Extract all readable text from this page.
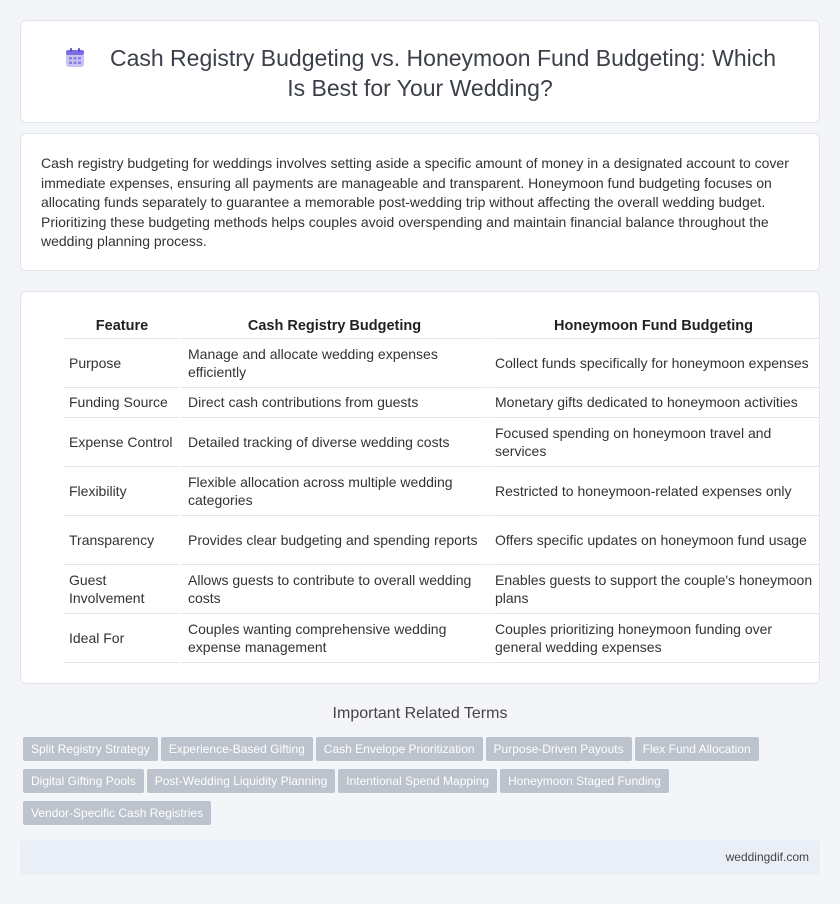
Cash Registry Budgeting vs. Honeymoon Fund Budgeting: Which Is Best for Your Wedding?

Cash registry budgeting for weddings involves setting aside a specific amount of money in a designated account to cover immediate expenses, ensuring all payments are manageable and transparent. Honeymoon fund budgeting focuses on allocating funds separately to guarantee a memorable post-wedding trip without affecting the overall wedding budget. Prioritizing these budgeting methods helps couples avoid overspending and maintain financial balance throughout the wedding planning process.

Feature	Cash Registry Budgeting	Honeymoon Fund Budgeting
Purpose	Manage and allocate wedding expenses efficiently	Collect funds specifically for honeymoon expenses
Funding Source	Direct cash contributions from guests	Monetary gifts dedicated to honeymoon activities
Expense Control	Detailed tracking of diverse wedding costs	Focused spending on honeymoon travel and services
Flexibility	Flexible allocation across multiple wedding categories	Restricted to honeymoon-related expenses only
Transparency	Provides clear budgeting and spending reports	Offers specific updates on honeymoon fund usage
Guest Involvement	Allows guests to contribute to overall wedding costs	Enables guests to support the couple's honeymoon plans
Ideal For	Couples wanting comprehensive wedding expense management	Couples prioritizing honeymoon funding over general wedding expenses
Important Related Terms
Split Registry Strategy Experience-Based Gifting Cash Envelope Prioritization Purpose-Driven Payouts Flex Fund AllocationDigital Gifting Pools Post-Wedding Liquidity Planning Intentional Spend Mapping Honeymoon Staged FundingVendor-Specific Cash Registries
weddingdif.com
